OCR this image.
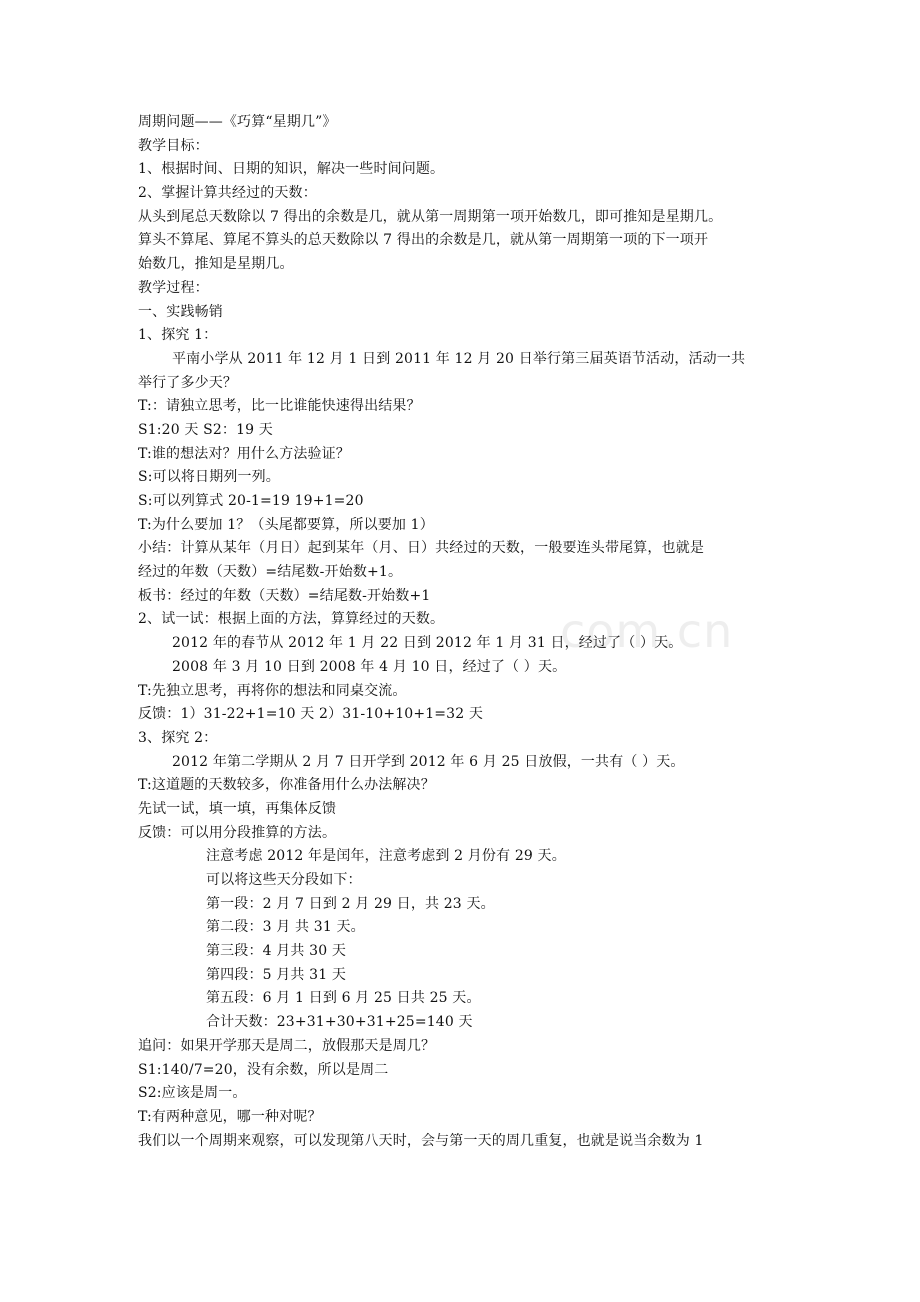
com.cn
周期问题——《巧算“星期几”》
教学目标：
1、根据时间、日期的知识，解决一些时间问题。
2、掌握计算共经过的天数：
从头到尾总天数除以 7 得出的余数是几，就从第一周期第一项开始数几，即可推知是星期几。
算头不算尾、算尾不算头的总天数除以 7 得出的余数是几，就从第一周期第一项的下一项开
始数几，推知是星期几。
教学过程：
一、实践畅销
1、探究 1：
平南小学从 2011 年 12 月 1 日到 2011 年 12 月 20 日举行第三届英语节活动，活动一共
举行了多少天？
T:：请独立思考，比一比谁能快速得出结果？
S1:20 天 S2：19 天
T:谁的想法对？用什么方法验证？
S:可以将日期列一列。
S:可以列算式 20-1=19 19+1=20
T:为什么要加 1？（头尾都要算，所以要加 1）
小结：计算从某年（月日）起到某年（月、日）共经过的天数，一般要连头带尾算，也就是
经过的年数（天数）=结尾数-开始数+1。
板书：经过的年数（天数）=结尾数-开始数+1
2、试一试：根据上面的方法，算算经过的天数。
2012 年的春节从 2012 年 1 月 22 日到 2012 年 1 月 31 日，经过了（ ）天。
2008 年 3 月 10 日到 2008 年 4 月 10 日，经过了（ ）天。
T:先独立思考，再将你的想法和同桌交流。
反馈：1）31-22+1=10 天 2）31-10+10+1=32 天
3、探究 2：
2012 年第二学期从 2 月 7 日开学到 2012 年 6 月 25 日放假，一共有（ ）天。
T:这道题的天数较多，你准备用什么办法解决？
先试一试，填一填，再集体反馈
反馈：可以用分段推算的方法。
注意考虑 2012 年是闰年，注意考虑到 2 月份有 29 天。
可以将这些天分段如下：
第一段：2 月 7 日到 2 月 29 日，共 23 天。
第二段：3 月 共 31 天。
第三段：4 月共 30 天
第四段：5 月共 31 天
第五段：6 月 1 日到 6 月 25 日共 25 天。
合计天数：23+31+30+31+25=140 天
追问：如果开学那天是周二，放假那天是周几？
S1:140/7=20，没有余数，所以是周二
S2:应该是周一。
T:有两种意见，哪一种对呢？
我们以一个周期来观察，可以发现第八天时，会与第一天的周几重复，也就是说当余数为 1
